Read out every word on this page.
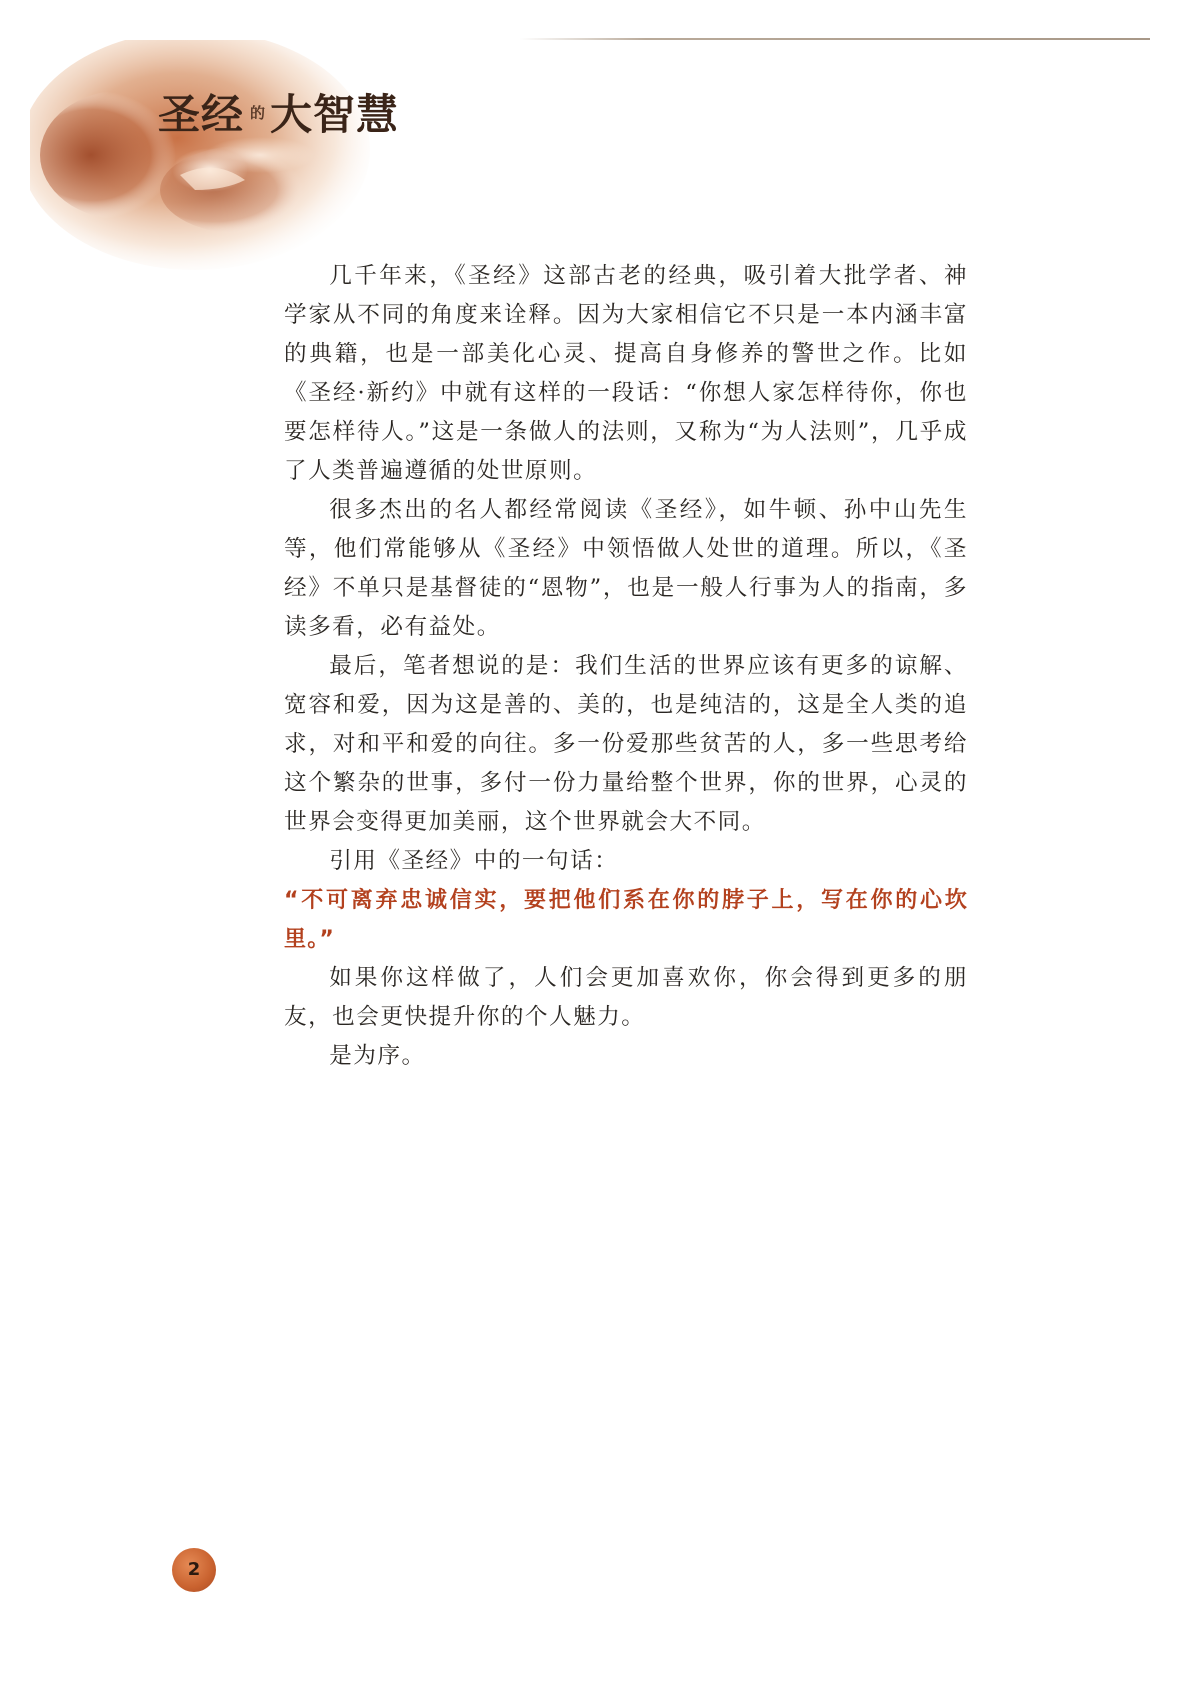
圣经 的大智慧

几千年来，《圣经》这部古老的经典，吸引着大批学者、神学家从不同的角度来诠释。因为大家相信它不只是一本内涵丰富的典籍，也是一部美化心灵、提高自身修养的警世之作。比如《圣经·新约》中就有这样的一段话：“你想人家怎样待你，你也要怎样待人。”这是一条做人的法则，又称为“为人法则”，几乎成了人类普遍遵循的处世原则。

很多杰出的名人都经常阅读《圣经》，如牛顿、孙中山先生等，他们常能够从《圣经》中领悟做人处世的道理。所以，《圣经》不单只是基督徒的“恩物”，也是一般人行事为人的指南，多读多看，必有益处。

最后，笔者想说的是：我们生活的世界应该有更多的谅解、宽容和爱，因为这是善的、美的，也是纯洁的，这是全人类的追求，对和平和爱的向往。多一份爱那些贫苦的人，多一些思考给这个繁杂的世事，多付一份力量给整个世界，你的世界，心灵的世界会变得更加美丽，这个世界就会大不同。

引用《圣经》中的一句话：

“不可离弃忠诚信实，要把他们系在你的脖子上，写在你的心坎里。”

如果你这样做了，人们会更加喜欢你，你会得到更多的朋友，也会更快提升你的个人魅力。

是为序。

2
